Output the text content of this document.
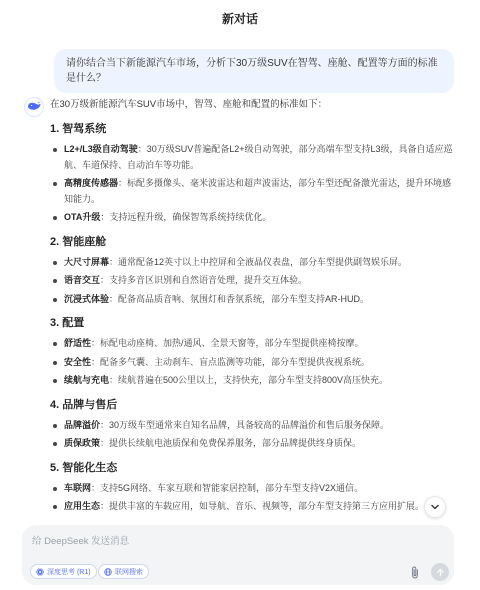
新对话
请你结合当下新能源汽车市场，分析下30万级SUV在智驾、座舱、配置等方面的标准是什么？
在30万级新能源汽车SUV市场中，智驾、座舱和配置的标准如下：
1. 智驾系统
L2+/L3级自动驾驶：30万级SUV普遍配备L2+级自动驾驶，部分高端车型支持L3级，具备自适应巡航、车道保持、自动泊车等功能。
高精度传感器：标配多摄像头、毫米波雷达和超声波雷达，部分车型还配备激光雷达，提升环境感知能力。
OTA升级：支持远程升级，确保智驾系统持续优化。
2. 智能座舱
大尺寸屏幕：通常配备12英寸以上中控屏和全液晶仪表盘，部分车型提供副驾娱乐屏。
语音交互：支持多音区识别和自然语音处理，提升交互体验。
沉浸式体验：配备高品质音响、氛围灯和香氛系统，部分车型支持AR-HUD。
3. 配置
舒适性：标配电动座椅、加热/通风、全景天窗等，部分车型提供座椅按摩。
安全性：配备多气囊、主动刹车、盲点监测等功能，部分车型提供夜视系统。
续航与充电：续航普遍在500公里以上，支持快充，部分车型支持800V高压快充。
4. 品牌与售后
品牌溢价：30万级车型通常来自知名品牌，具备较高的品牌溢价和售后服务保障。
质保政策：提供长续航电池质保和免费保养服务，部分品牌提供终身质保。
5. 智能化生态
车联网：支持5G网络、车家互联和智能家居控制，部分车型支持V2X通信。
应用生态：提供丰富的车载应用，如导航、音乐、视频等，部分车型支持第三方应用扩展。
给 DeepSeek 发送消息
深度思考 (R1)	联网搜索
